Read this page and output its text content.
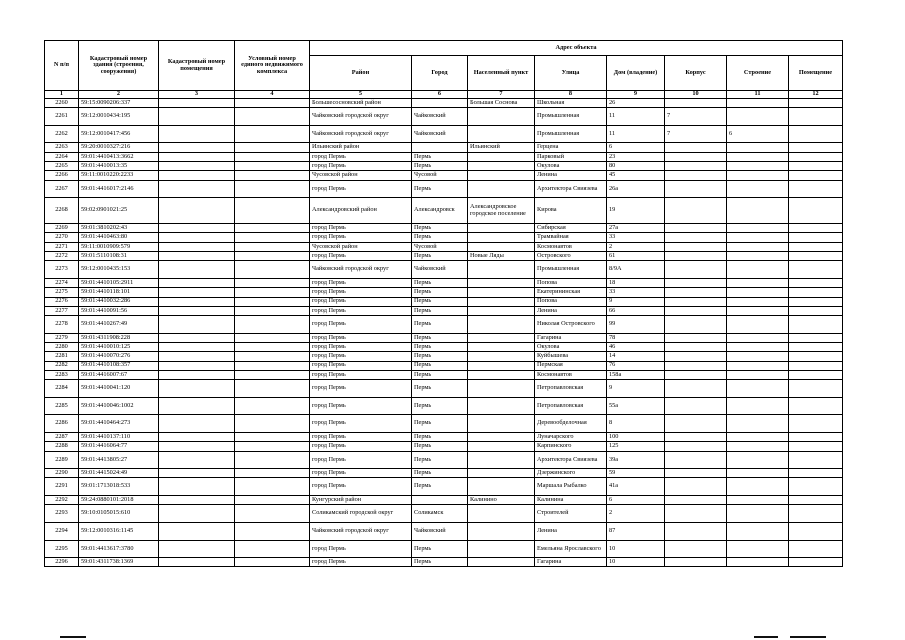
N п/п	Кадастровый номер здания (строения, сооружения)	Кадастровый номер помещения	Условный номер единого недвижимого комплекса	Адрес объекта							
				Район	Город	Населенный пункт	Улица	Дом (владение)	Корпус	Строение	Помещение
1	2	3	4	5	6	7	8	9	10	11	12
2260	59:15:0090206:337			Большесосновский район		Большая Соснова	Школьная	26			
2261	59:12:0010434:195			Чайковский городской округ	Чайковский		Промышленная	11	7		
2262	59:12:0010417:456			Чайковский городской округ	Чайковский		Промышленная	11	7	6	
2263	59:20:0010327:216			Ильинский район		Ильинский	Герцена	6			
2264	59:01:4410413:3662			город Пермь	Пермь		Парковый	23			
2265	59:01:4410013:35			город Пермь	Пермь		Окулова	80			
2266	59:11:0010220:2233			Чусовской район	Чусовой		Ленина	45			
2267	59:01:4416017:2146			город Пермь	Пермь		Архитектора Свиязева	26а			
2268	59:02:0901021:25			Александровский район	Александровск	Александровское городское поселение	Кирова	19			
2269	59:01:3810202:43			город Пермь	Пермь		Сибирская	27а			
2270	59:01:4410463:80			город Пермь	Пермь		Трамвайная	33			
2271	59:11:0010909:579			Чусовской район	Чусовой		Космонавтов	2			
2272	59:01:5110108:31			город Пермь	Пермь	Новые Ляды	Островского	61			
2273	59:12:0010435:153			Чайковский городской округ	Чайковский		Промышленная	8/9А			
2274	59:01:4410105:2911			город Пермь	Пермь		Попова	18			
2275	59:01:4410118:101			город Пермь	Пермь		Екатерининская	33			
2276	59:01:4410032:286			город Пермь	Пермь		Попова	9			
2277	59:01:4410091:56			город Пермь	Пермь		Ленина	66			
2278	59:01:4410267:49			город Пермь	Пермь		Николая Островского	99			
2279	59:01:4311908:228			город Пермь	Пермь		Гагарина	78			
2280	59:01:4410010:125			город Пермь	Пермь		Окулова	46			
2281	59:01:4410070:276			город Пермь	Пермь		Куйбышева	14			
2282	59:01:4410108:357			город Пермь	Пермь		Пермская	76			
2283	59:01:4416007:67			город Пермь	Пермь		Космонавтов	158а			
2284	59:01:4410041:120			город Пермь	Пермь		Петропавловская	9			
2285	59:01:4410046:1002			город Пермь	Пермь		Петропавловская	55а			
2286	59:01:4410464:273			город Пермь	Пермь		Деревообделочная	8			
2287	59:01:4410137:110			город Пермь	Пермь		Луначарского	100			
2288	59:01:4416064:77			город Пермь	Пермь		Карпинского	125			
2289	59:01:4413805:27			город Пермь	Пермь		Архитектора Свиязева	39а			
2290	59:01:4415024:49			город Пермь	Пермь		Дзержинского	59			
2291	59:01:1713018:533			город Пермь	Пермь		Маршала Рыбалко	41а			
2292	59:24:0880101:2018			Кунгурский район		Калинино	Калинина	6			
2293	59:10:0105015:610			Соликамский городской округ	Соликамск		Строителей	2			
2294	59:12:0010316:1145			Чайковский городской округ	Чайковский		Ленина	87			
2295	59:01:4413617:3780			город Пермь	Пермь		Емельяна Ярославского	10			
2296	59:01:4311738:1369			город Пермь	Пермь		Гагарина	10			
